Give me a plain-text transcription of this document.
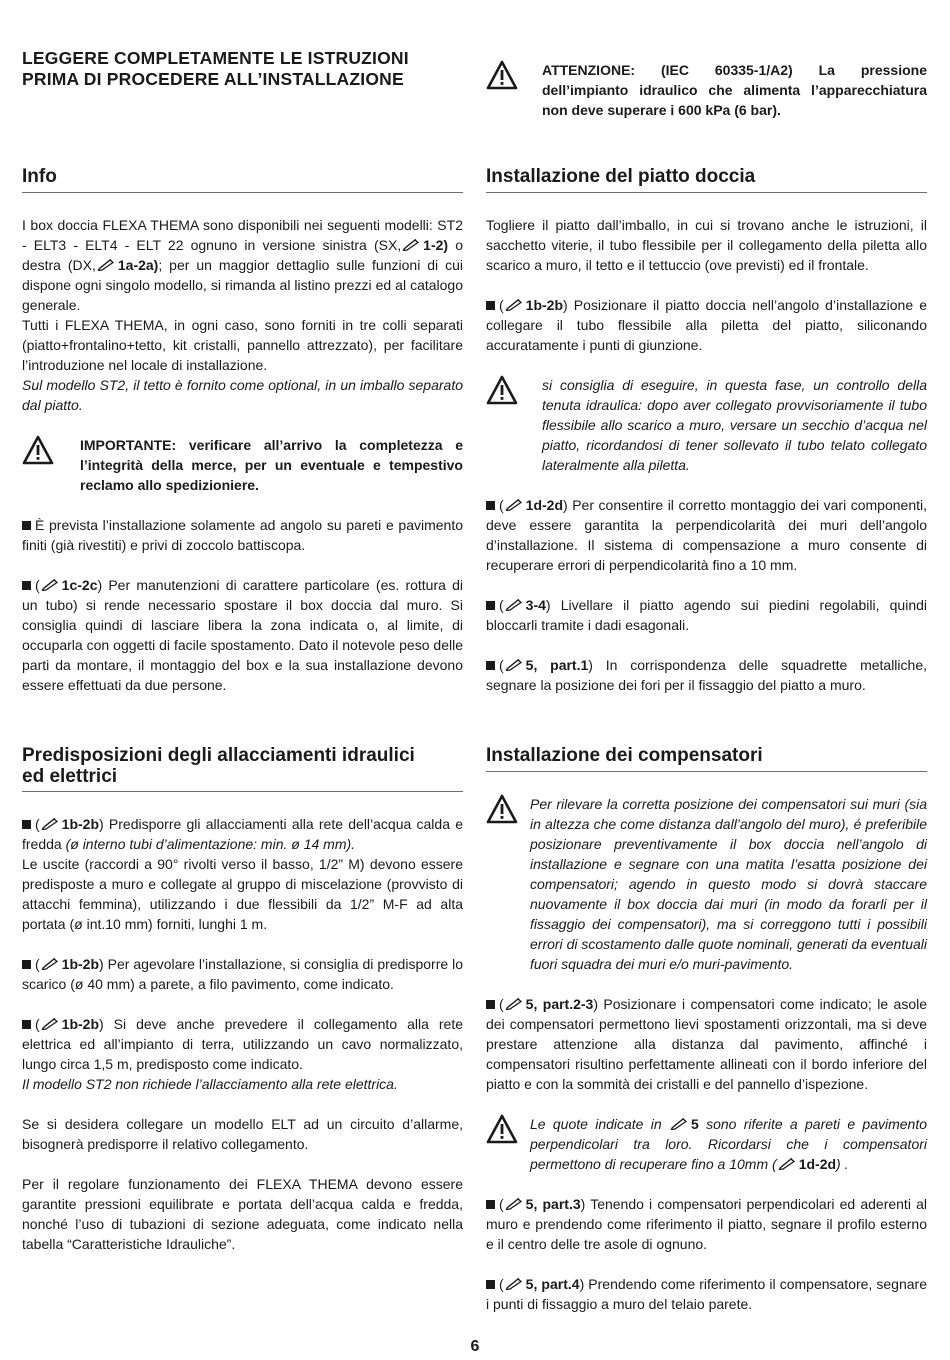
LEGGERE COMPLETAMENTE LE ISTRUZIONI
PRIMA DI PROCEDERE ALL’INSTALLAZIONE	ATTENZIONE: (IEC 60335-1/A2) La pressione dell’impianto idraulico che alimenta l’apparecchiatura non deve superare i 600 kPa (6 bar).
Info

I box doccia FLEXA THEMA sono disponibili nei seguenti modelli: ST2 - ELT3 - ELT4 - ELT 22 ognuno in versione sinistra (SX, 1-2) o destra (DX, 1a-2a); per un maggior dettaglio sulle funzioni di cui dispone ogni singolo modello, si rimanda al listino prezzi ed al catalogo generale.

Tutti i FLEXA THEMA, in ogni caso, sono forniti in tre colli separati (piatto+frontalino+tetto, kit cristalli, pannello attrezzato), per facilitare l’introduzione nel locale di installazione.

Sul modello ST2, il tetto è fornito come optional, in un imballo separato dal piatto.

IMPORTANTE: verificare all’arrivo la completezza e l’integrità della merce, per un eventuale e tempestivo reclamo allo spedizioniere.

È prevista l’installazione solamente ad angolo su pareti e pavimento finiti (già rivestiti) e privi di zoccolo battiscopa.

( 1c-2c) Per manutenzioni di carattere particolare (es. rottura di un tubo) si rende necessario spostare il box doccia dal muro. Si consiglia quindi di lasciare libera la zona indicata o, al limite, di occuparla con oggetti di facile spostamento. Dato il notevole peso delle parti da montare, il montaggio del box e la sua installazione devono essere effettuati da due persone.

Installazione del piatto doccia

Togliere il piatto dall’imballo, in cui si trovano anche le istruzioni, il sacchetto viterie, il tubo flessibile per il collegamento della piletta allo scarico a muro, il tetto e il tettuccio (ove previsti) ed il frontale.

( 1b-2b) Posizionare il piatto doccia nell’angolo d’installazione e collegare il tubo flessibile alla piletta del piatto, siliconando accuratamente i punti di giunzione.

si consiglia di eseguire, in questa fase, un controllo della tenuta idraulica: dopo aver collegato provvisoriamente il tubo flessibile allo scarico a muro, versare un secchio d’acqua nel piatto, ricordandosi di tener sollevato il tubo telato collegato lateralmente alla piletta.

( 1d-2d) Per consentire il corretto montaggio dei vari componenti, deve essere garantita la perpendicolarità dei muri dell’angolo d’installazione. Il sistema di compensazione a muro consente di recuperare errori di perpendicolarità fino a 10 mm.

( 3-4) Livellare il piatto agendo sui piedini regolabili, quindi bloccarli tramite i dadi esagonali.

( 5, part.1) In corrispondenza delle squadrette metalliche, segnare la posizione dei fori per il fissaggio del piatto a muro.

Predisposizioni degli allacciamenti idraulici
ed elettrici

( 1b-2b) Predisporre gli allacciamenti alla rete dell’acqua calda e fredda (ø interno tubi d’alimentazione: min. ø 14 mm).

Le uscite (raccordi a 90° rivolti verso il basso, 1/2” M) devono essere predisposte a muro e collegate al gruppo di miscelazione (provvisto di attacchi femmina), utilizzando i due flessibili da 1/2” M-F ad alta portata (ø int.10 mm) forniti, lunghi 1 m.

( 1b-2b) Per agevolare l’installazione, si consiglia di predisporre lo scarico (ø 40 mm) a parete, a filo pavimento, come indicato.

( 1b-2b) Si deve anche prevedere il collegamento alla rete elettrica ed all’impianto di terra, utilizzando un cavo normalizzato, lungo circa 1,5 m, predisposto come indicato.

Il modello ST2 non richiede l’allacciamento alla rete elettrica.

Se si desidera collegare un modello ELT ad un circuito d’allarme, bisognerà predisporre il relativo collegamento.

Per il regolare funzionamento dei FLEXA THEMA devono essere garantite pressioni equilibrate e portata dell’acqua calda e fredda, nonché l’uso di tubazioni di sezione adeguata, come indicato nella tabella “Caratteristiche Idrauliche”.

Installazione dei compensatori
Per rilevare la corretta posizione dei compensatori sui muri (sia in altezza che come distanza dall’angolo del muro), é preferibile posizionare preventivamente il box doccia nell’angolo di installazione e segnare con una matita l’esatta posizione dei compensatori; agendo in questo modo si dovrà staccare nuovamente il box doccia dai muri (in modo da forarli per il fissaggio dei compensatori), ma si correggono tutti i possibili errori di scostamento dalle quote nominali, generati da eventuali fuori squadra dei muri e/o muri-pavimento.

( 5, part.2-3) Posizionare i compensatori come indicato; le asole dei compensatori permettono lievi spostamenti orizzontali, ma si deve prestare attenzione alla distanza dal pavimento, affinché i compensatori risultino perfettamente allineati con il bordo inferiore del piatto e con la sommità dei cristalli e del pannello d’ispezione.

Le quote indicate in 5 sono riferite a pareti e pavimento perpendicolari tra loro. Ricordarsi che i compensatori permettono di recuperare fino a 10mm ( 1d-2d) .

( 5, part.3) Tenendo i compensatori perpendicolari ed aderenti al muro e prendendo come riferimento il piatto, segnare il profilo esterno e il centro delle tre asole di ognuno.

( 5, part.4) Prendendo come riferimento il compensatore, segnare i punti di fissaggio a muro del telaio parete.

6
